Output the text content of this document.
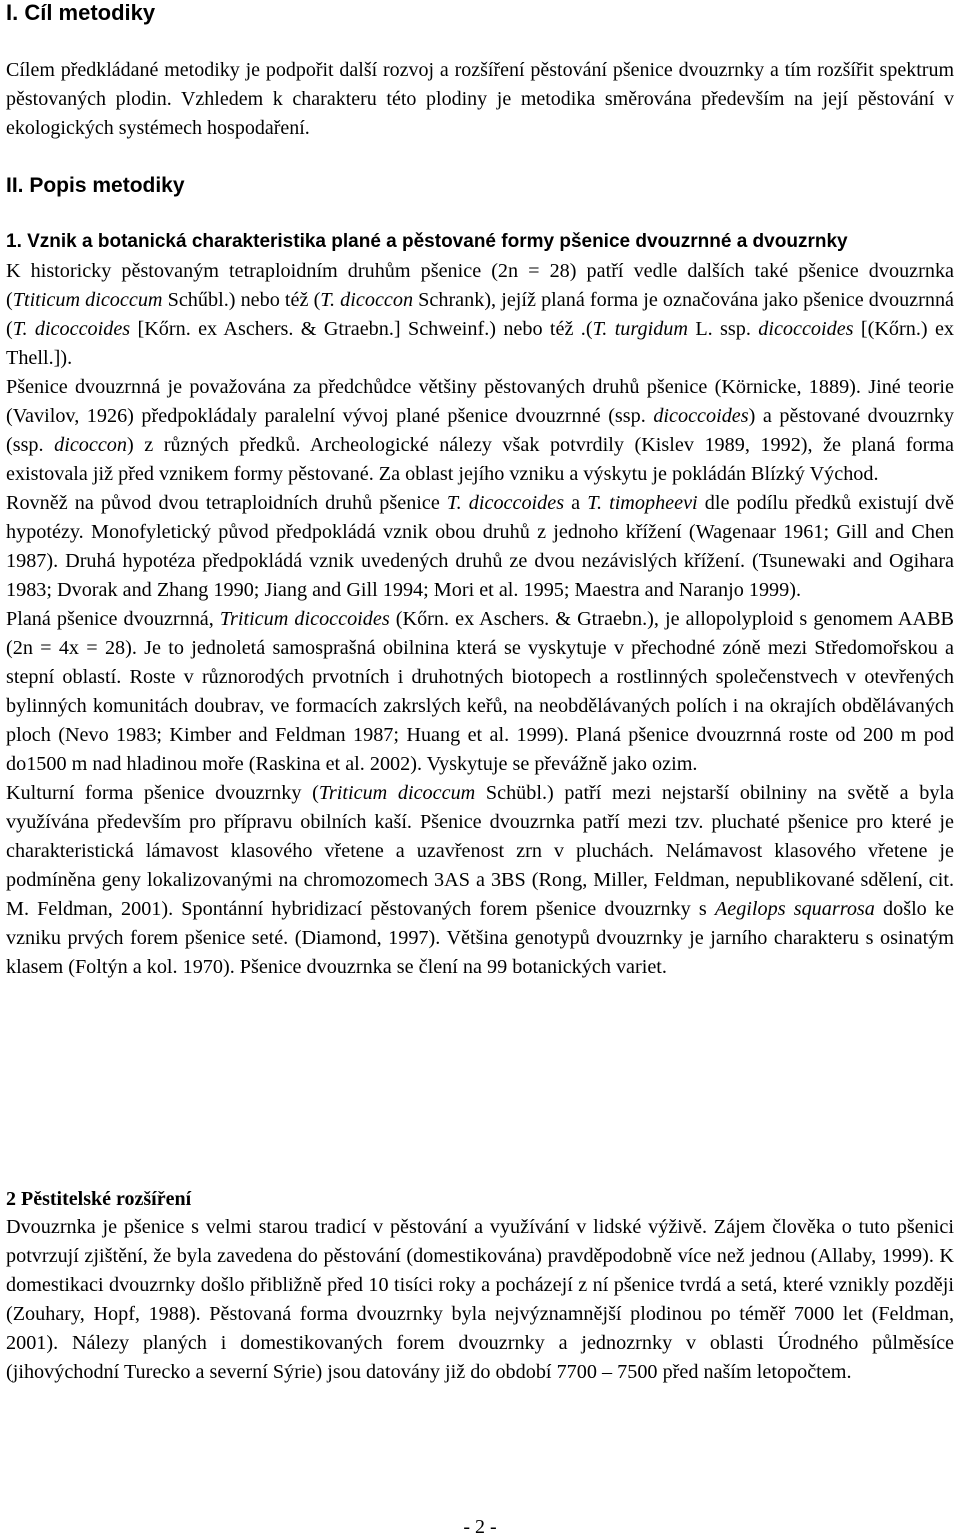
I. Cíl metodiky

Cílem předkládané metodiky je podpořit další rozvoj a rozšíření pěstování pšenice dvouzrnky a tím rozšířit spektrum pěstovaných plodin. Vzhledem k charakteru této plodiny je metodika směrována především na její pěstování v ekologických systémech hospodaření.

II. Popis metodiky
1. Vznik a botanická charakteristika plané a pěstované formy pšenice dvouzrnné a dvouzrnky

K historicky pěstovaným tetraploidním druhům pšenice (2n = 28) patří vedle dalších také pšenice dvouzrnka (Ttiticum dicoccum Schűbl.) nebo též (T. dicoccon Schrank), jejíž planá forma je označována jako pšenice dvouzrnná (T. dicoccoides [Kőrn. ex Aschers. & Gtraebn.] Schweinf.) nebo též .(T. turgidum L. ssp. dicoccoides [(Kőrn.) ex Thell.]).

Pšenice dvouzrnná je považována za předchůdce většiny pěstovaných druhů pšenice (Körnicke, 1889). Jiné teorie (Vavilov, 1926) předpokládaly paralelní vývoj plané pšenice dvouzrnné (ssp. dicoccoides) a pěstované dvouzrnky (ssp. dicoccon) z různých předků. Archeologické nálezy však potvrdily (Kislev 1989, 1992), že planá forma existovala již před vznikem formy pěstované. Za oblast jejího vzniku a výskytu je pokládán Blízký Východ.

Rovněž na původ dvou tetraploidních druhů pšenice T. dicoccoides a T. timopheevi dle podílu předků existují dvě hypotézy. Monofyletický původ předpokládá vznik obou druhů z jednoho křížení (Wagenaar 1961; Gill and Chen 1987). Druhá hypotéza předpokládá vznik uvedených druhů ze dvou nezávislých křížení. (Tsunewaki and Ogihara 1983; Dvorak and Zhang 1990; Jiang and Gill 1994; Mori et al. 1995; Maestra and Naranjo 1999).

Planá pšenice dvouzrnná, Triticum dicoccoides (Kőrn. ex Aschers. & Gtraebn.), je allopolyploid s genomem AABB (2n = 4x = 28). Je to jednoletá samosprašná obilnina která se vyskytuje v přechodné zóně mezi Středomořskou a stepní oblastí. Roste v různorodých prvotních i druhotných biotopech a rostlinných společenstvech v otevřených bylinných komunitách doubrav, ve formacích zakrslých keřů, na neobdělávaných polích i na okrajích obdělávaných ploch (Nevo 1983; Kimber and Feldman 1987; Huang et al. 1999). Planá pšenice dvouzrnná roste od 200 m pod do1500 m nad hladinou moře (Raskina et al. 2002). Vyskytuje se převážně jako ozim.

Kulturní forma pšenice dvouzrnky (Triticum dicoccum Schübl.) patří mezi nejstarší obilniny na světě a byla využívána především pro přípravu obilních kaší. Pšenice dvouzrnka patří mezi tzv. pluchaté pšenice pro které je charakteristická lámavost klasového vřetene a uzavřenost zrn v pluchách. Nelámavost klasového vřetene je podmíněna geny lokalizovanými na chromozomech 3AS a 3BS (Rong, Miller, Feldman, nepublikované sdělení, cit. M. Feldman, 2001). Spontánní hybridizací pěstovaných forem pšenice dvouzrnky s Aegilops squarrosa došlo ke vzniku prvých forem pšenice seté. (Diamond, 1997). Většina genotypů dvouzrnky je jarního charakteru s osinatým klasem (Foltýn a kol. 1970). Pšenice dvouzrnka se člení na 99 botanických variet.

2 Pěstitelské rozšíření

Dvouzrnka je pšenice s velmi starou tradicí v pěstování a využívání v lidské výživě. Zájem člověka o tuto pšenici potvrzují zjištění, že byla zavedena do pěstování (domestikována) pravděpodobně více než jednou (Allaby, 1999). K domestikaci dvouzrnky došlo přibližně před 10 tisíci roky a pocházejí z ní pšenice tvrdá a setá, které vznikly později (Zouhary, Hopf, 1988). Pěstovaná forma dvouzrnky byla nejvýznamnější plodinou po téměř 7000 let (Feldman, 2001). Nálezy planých i domestikovaných forem dvouzrnky a jednozrnky v oblasti Úrodného půlměsíce (jihovýchodní Turecko a severní Sýrie) jsou datovány již do období 7700 – 7500 před naším letopočtem.

- 2 -
